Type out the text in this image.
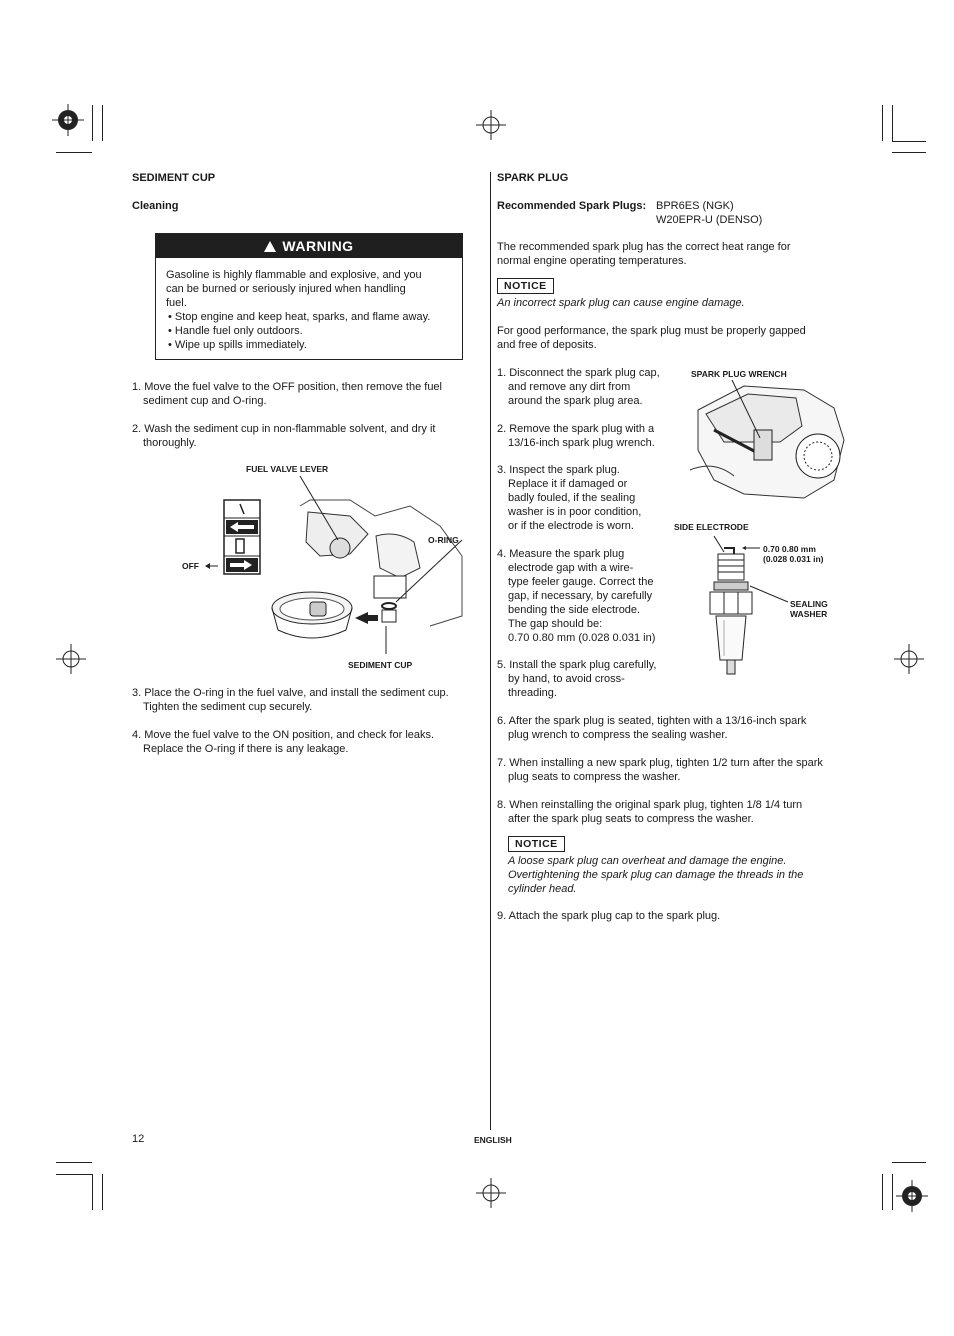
SEDIMENT CUP
Cleaning
WARNING
Gasoline is highly flammable and explosive, and you
can be burned or seriously injured when handling
fuel.
• Stop engine and keep heat, sparks, and flame away.
• Handle fuel only outdoors.
• Wipe up spills immediately.
1. Move the fuel valve to the OFF position, then remove the fuel
sediment cup and O-ring.
2. Wash the sediment cup in non-flammable solvent, and dry it
thoroughly.
FUEL VALVE LEVER
O-RING
OFF
SEDIMENT CUP
3. Place the O-ring in the fuel valve, and install the sediment cup.
Tighten the sediment cup securely.
4. Move the fuel valve to the ON position, and check for leaks.
Replace the O-ring if there is any leakage.
SPARK PLUG
Recommended Spark Plugs: BPR6ES (NGK)
W20EPR-U (DENSO)
The recommended spark plug has the correct heat range for
normal engine operating temperatures.
NOTICE
An incorrect spark plug can cause engine damage.
For good performance, the spark plug must be properly gapped
and free of deposits.
1. Disconnect the spark plug cap,
and remove any dirt from
around the spark plug area.
2. Remove the spark plug with a
13/16-inch spark plug wrench.
3. Inspect the spark plug.
Replace it if damaged or
badly fouled, if the sealing
washer is in poor condition,
or if the electrode is worn.
4. Measure the spark plug
electrode gap with a wire-
type feeler gauge. Correct the
gap, if necessary, by carefully
bending the side electrode.
The gap should be:
0.70 0.80 mm (0.028 0.031 in)
5. Install the spark plug carefully,
by hand, to avoid cross-
threading.
SPARK PLUG WRENCH
SIDE ELECTRODE
0.70 0.80 mm
(0.028 0.031 in)
SEALING
WASHER
6. After the spark plug is seated, tighten with a 13/16-inch spark
plug wrench to compress the sealing washer.
7. When installing a new spark plug, tighten 1/2 turn after the spark
plug seats to compress the washer.
8. When reinstalling the original spark plug, tighten 1/8 1/4 turn
after the spark plug seats to compress the washer.
NOTICE
A loose spark plug can overheat and damage the engine.
Overtightening the spark plug can damage the threads in the
cylinder head.
9. Attach the spark plug cap to the spark plug.
12	ENGLISH
